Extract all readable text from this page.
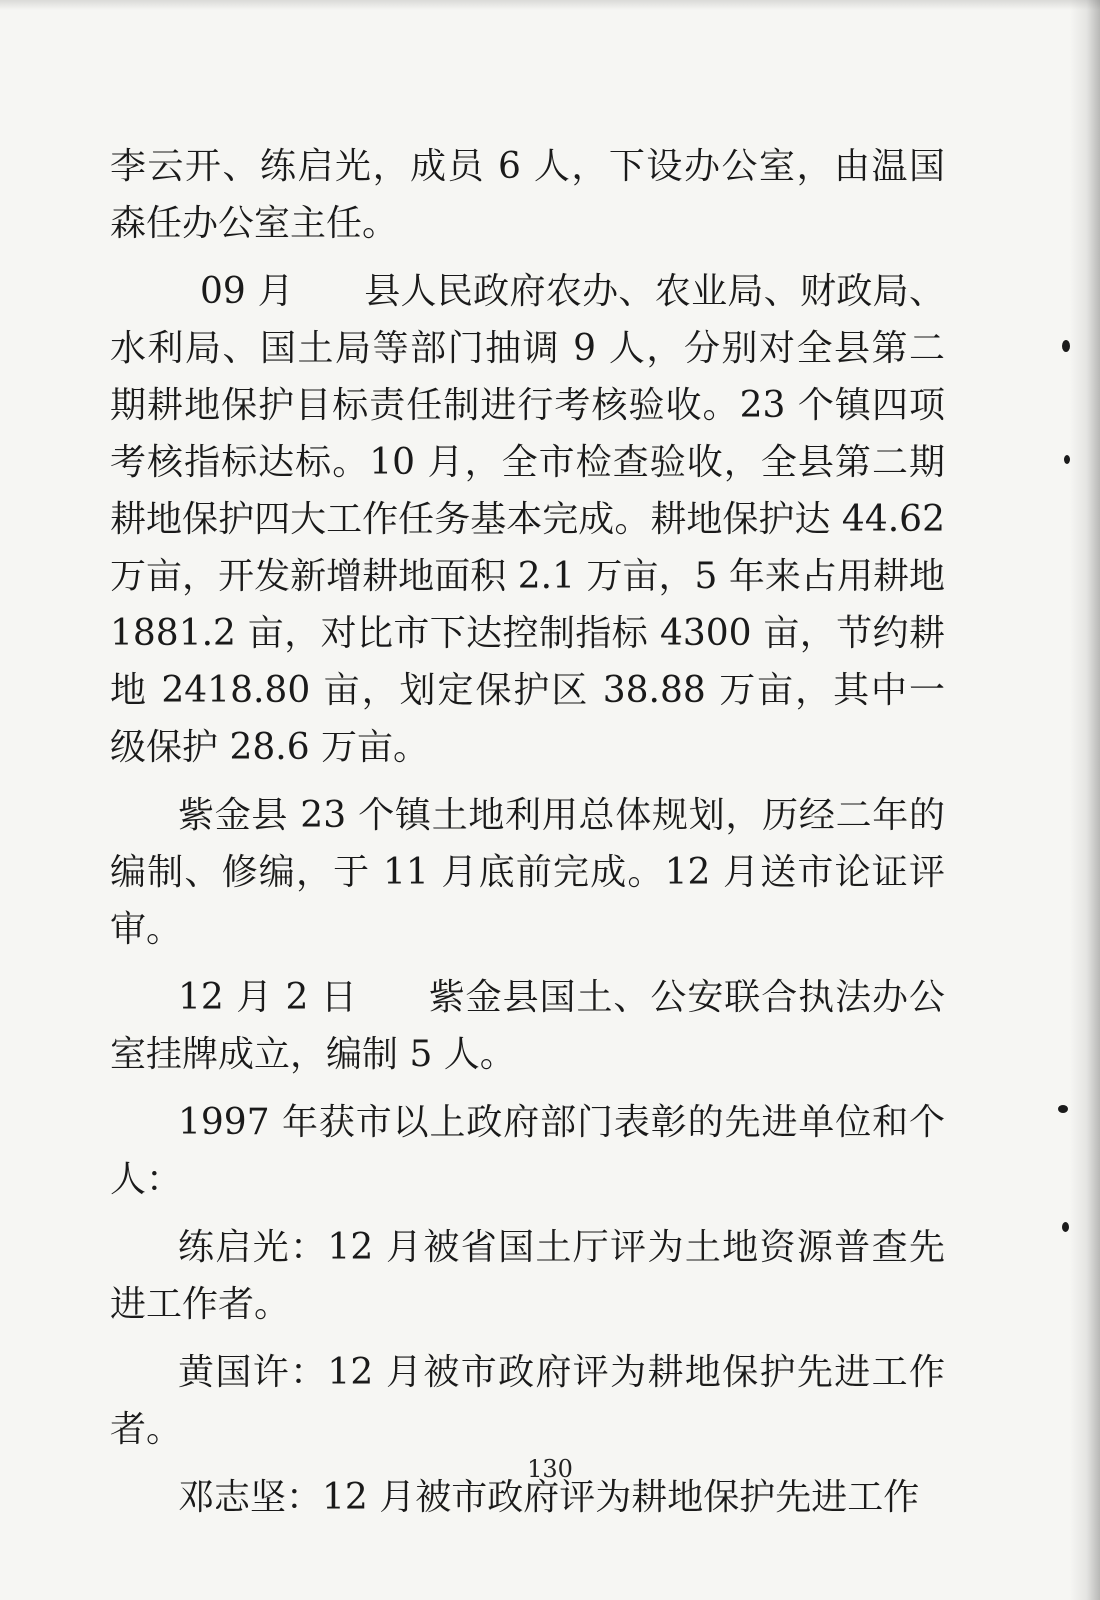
李云开、练启光，成员 6 人，下设办公室，由温国森任办公室主任。

09 月 县人民政府农办、农业局、财政局、水利局、国土局等部门抽调 9 人，分别对全县第二期耕地保护目标责任制进行考核验收。23 个镇四项考核指标达标。10 月，全市检查验收，全县第二期耕地保护四大工作任务基本完成。耕地保护达 44.62 万亩，开发新增耕地面积 2.1 万亩，5 年来占用耕地 1881.2 亩，对比市下达控制指标 4300 亩，节约耕地 2418.80 亩，划定保护区 38.88 万亩，其中一级保护 28.6 万亩。

紫金县 23 个镇土地利用总体规划，历经二年的编制、修编，于 11 月底前完成。12 月送市论证评审。

12 月 2 日 紫金县国土、公安联合执法办公室挂牌成立，编制 5 人。

1997 年获市以上政府部门表彰的先进单位和个人：

练启光：12 月被省国土厅评为土地资源普查先进工作者。

黄国许：12 月被市政府评为耕地保护先进工作者。

邓志坚：12 月被市政府评为耕地保护先进工作

130
